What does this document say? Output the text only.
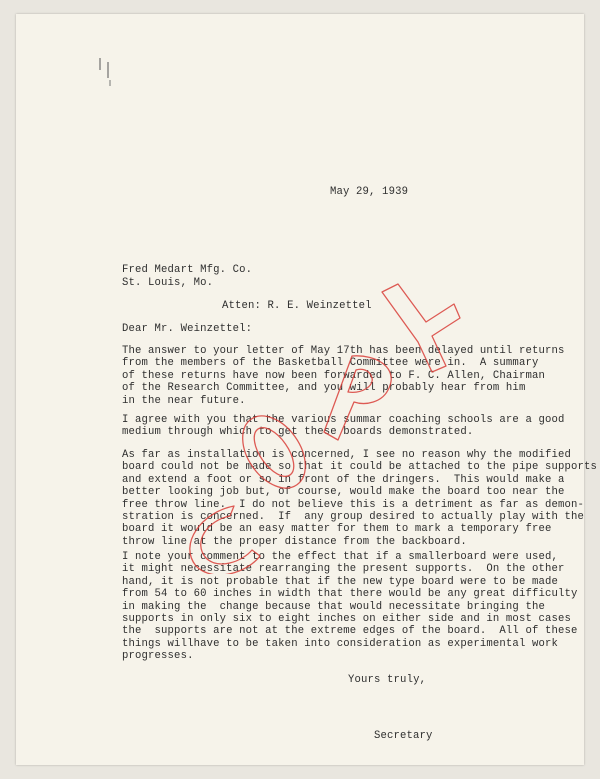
May 29, 1939
Fred Medart Mfg. Co.
St. Louis, Mo.
Atten: R. E. Weinzettel
Dear Mr. Weinzettel:
The answer to your letter of May 17th has been delayed until returns
from the members of the Basketball Committee were in.  A summary
of these returns have now been forwarded to F. C. Allen, Chairman
of the Research Committee, and you will probably hear from him
in the near future.
I agree with you that the various summar coaching schools are a good
medium through which to get these boards demonstrated.
As far as installation is concerned, I see no reason why the modified
board could not be made so that it could be attached to the pipe supports
and extend a foot or so in front of the dringers.  This would make a
better looking job but, of course, would make the board too near the
free throw line.  I do not believe this is a detriment as far as demon-
stration is concerned.  If  any group desired to actually play with the
board it would be an easy matter for them to mark a temporary free
throw line at the proper distance from the backboard.
I note your comment to the effect that if a smallerboard were used,
it might necessitate rearranging the present supports.  On the other
hand, it is not probable that if the new type board were to be made
from 54 to 60 inches in width that there would be any great difficulty
in making the  change because that would necessitate bringing the
supports in only six to eight inches on either side and in most cases
the  supports are not at the extreme edges of the board.  All of these
things willhave to be taken into consideration as experimental work
progresses.
Yours truly,
Secretary
